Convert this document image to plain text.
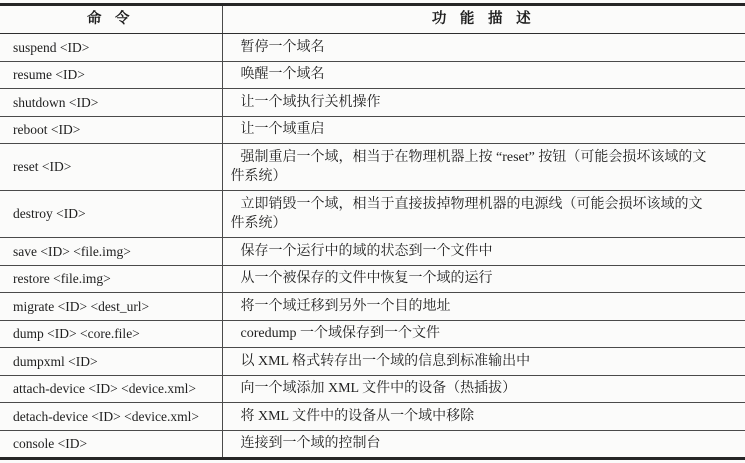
命 令	功 能 描 述
suspend <ID>	暂停一个域名
resume <ID>	唤醒一个域名
shutdown <ID>	让一个域执行关机操作
reboot <ID>	让一个域重启
reset <ID>	强制重启一个域，相当于在物理机器上按 “reset” 按钮（可能会损坏该域的文件系统）
destroy <ID>	立即销毁一个域，相当于直接拔掉物理机器的电源线（可能会损坏该域的文件系统）
save <ID> <file.img>	保存一个运行中的域的状态到一个文件中
restore <file.img>	从一个被保存的文件中恢复一个域的运行
migrate <ID> <dest_url>	将一个域迁移到另外一个目的地址
dump <ID> <core.file>	coredump 一个域保存到一个文件
dumpxml <ID>	以 XML 格式转存出一个域的信息到标准输出中
attach-device <ID> <device.xml>	向一个域添加 XML 文件中的设备（热插拔）
detach-device <ID> <device.xml>	将 XML 文件中的设备从一个域中移除
console <ID>	连接到一个域的控制台
